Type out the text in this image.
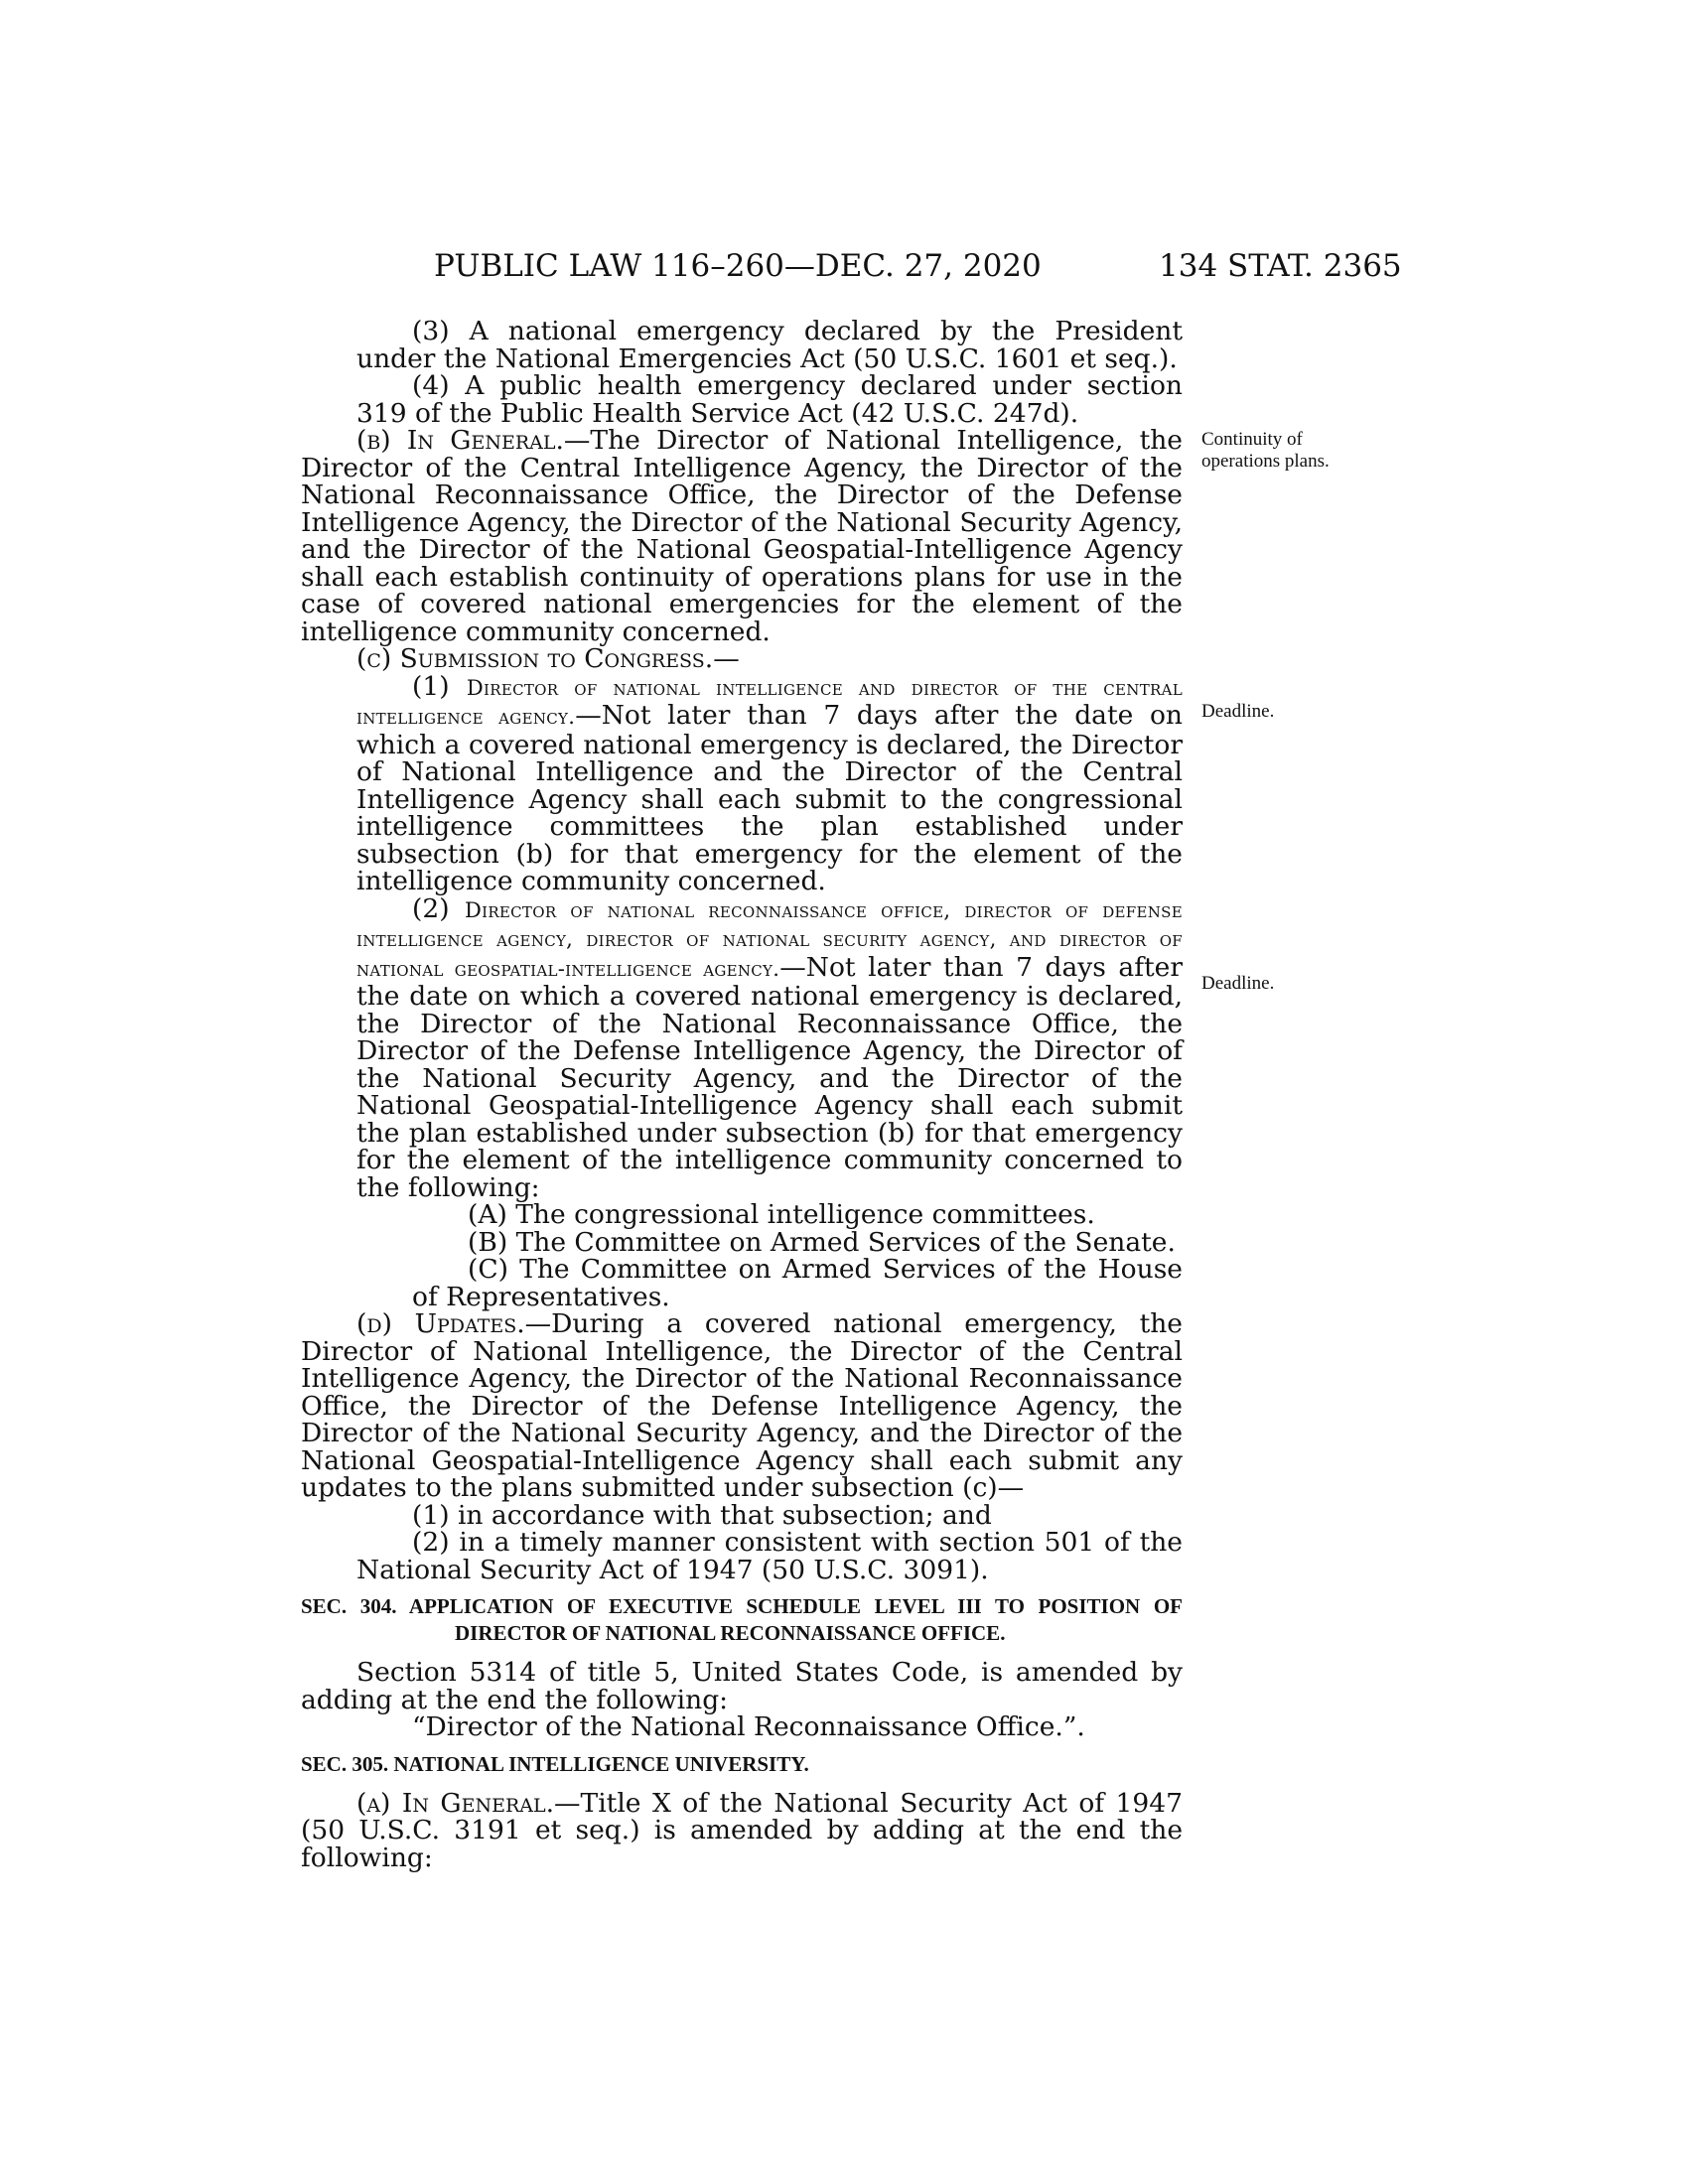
PUBLIC LAW 116–260—DEC. 27, 2020	134 STAT. 2365
Continuity of
operations plans.
Deadline.
Deadline.

(3) A national emergency declared by the President under the National Emergencies Act (50 U.S.C. 1601 et seq.).

(4) A public health emergency declared under section 319 of the Public Health Service Act (42 U.S.C. 247d).

(b) In General.—The Director of National Intelligence, the Director of the Central Intelligence Agency, the Director of the National Reconnaissance Office, the Director of the Defense Intelligence Agency, the Director of the National Security Agency, and the Director of the National Geospatial-Intelligence Agency shall each establish continuity of operations plans for use in the case of covered national emergencies for the element of the intelligence community concerned.

(c) Submission to Congress.—

(1) Director of national intelligence and director of the central intelligence agency.—Not later than 7 days after the date on which a covered national emergency is declared, the Director of National Intelligence and the Director of the Central Intelligence Agency shall each submit to the congressional intelligence committees the plan established under subsection (b) for that emergency for the element of the intelligence community concerned.

(2) Director of national reconnaissance office, director of defense intelligence agency, director of national security agency, and director of national geospatial-intelligence agency.—Not later than 7 days after the date on which a covered national emergency is declared, the Director of the National Reconnaissance Office, the Director of the Defense Intelligence Agency, the Director of the National Security Agency, and the Director of the National Geospatial-Intelligence Agency shall each submit the plan established under subsection (b) for that emergency for the element of the intelligence community concerned to the following:

(A) The congressional intelligence committees.

(B) The Committee on Armed Services of the Senate.

(C) The Committee on Armed Services of the House of Representatives.

(d) Updates.—During a covered national emergency, the Director of National Intelligence, the Director of the Central Intelligence Agency, the Director of the National Reconnaissance Office, the Director of the Defense Intelligence Agency, the Director of the National Security Agency, and the Director of the National Geospatial-Intelligence Agency shall each submit any updates to the plans submitted under subsection (c)—

(1) in accordance with that subsection; and

(2) in a timely manner consistent with section 501 of the National Security Act of 1947 (50 U.S.C. 3091).

SEC. 304. APPLICATION OF EXECUTIVE SCHEDULE LEVEL III TO POSITION OF DIRECTOR OF NATIONAL RECONNAISSANCE OFFICE.

Section 5314 of title 5, United States Code, is amended by adding at the end the following:

“Director of the National Reconnaissance Office.”.

SEC. 305. NATIONAL INTELLIGENCE UNIVERSITY.

(a) In General.—Title X of the National Security Act of 1947 (50 U.S.C. 3191 et seq.) is amended by adding at the end the following:
